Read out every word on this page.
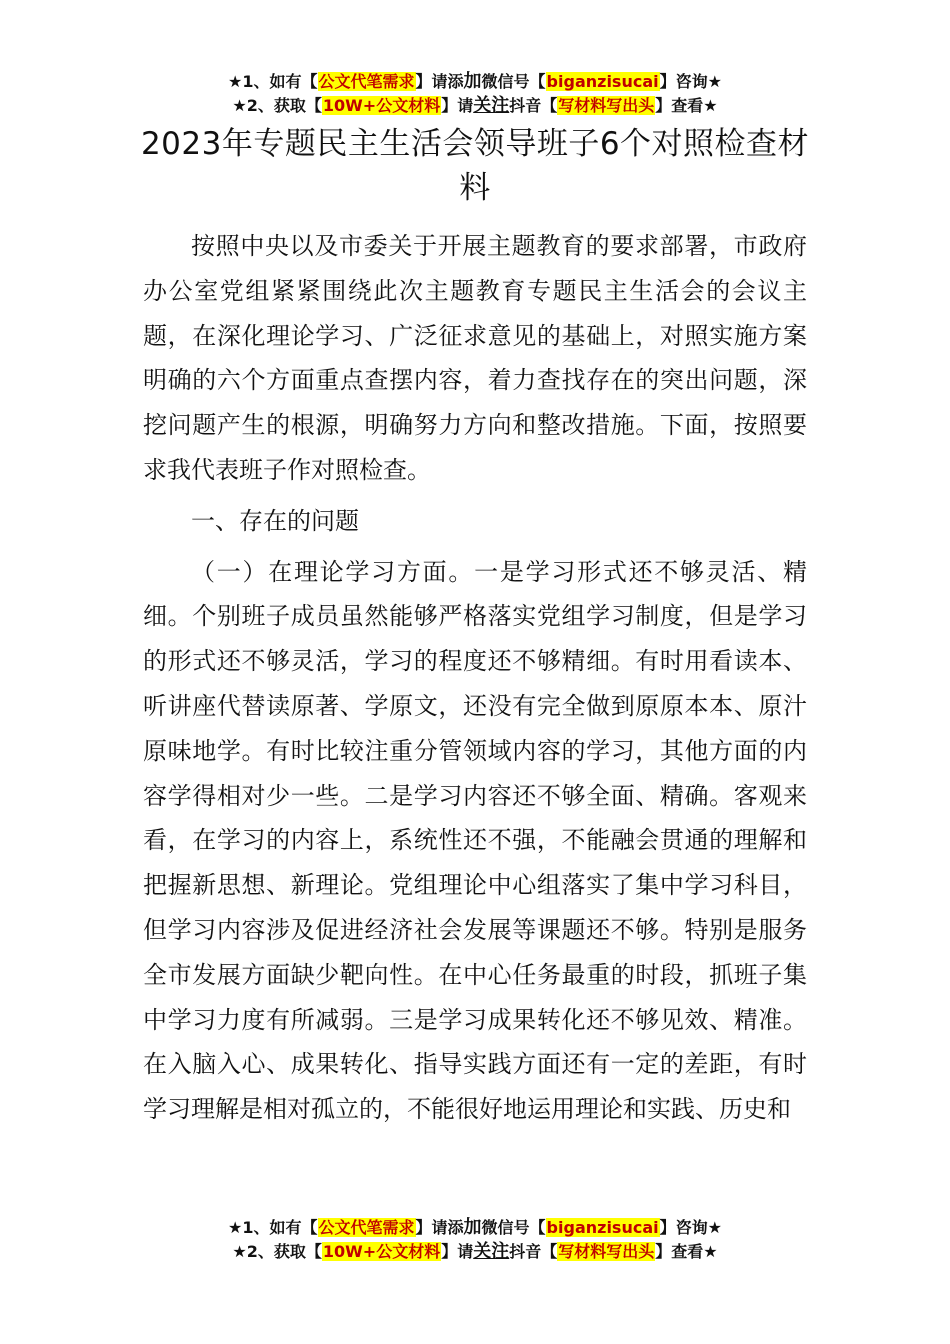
★1、如有【公文代笔需求】请添加微信号【biganzisucai】咨询★
★2、获取【10W+公文材料】请关注抖音【写材料写出头】查看★
2023年专题民主生活会领导班子6个对照检查材料

按照中央以及市委关于开展主题教育的要求部署，市政府办公室党组紧紧围绕此次主题教育专题民主生活会的会议主题，在深化理论学习、广泛征求意见的基础上，对照实施方案明确的六个方面重点查摆内容，着力查找存在的突出问题，深挖问题产生的根源，明确努力方向和整改措施。下面，按照要求我代表班子作对照检查。

一、存在的问题

（一）在理论学习方面。一是学习形式还不够灵活、精细。个别班子成员虽然能够严格落实党组学习制度，但是学习的形式还不够灵活，学习的程度还不够精细。有时用看读本、听讲座代替读原著、学原文，还没有完全做到原原本本、原汁原味地学。有时比较注重分管领域内容的学习，其他方面的内容学得相对少一些。二是学习内容还不够全面、精确。客观来看，在学习的内容上，系统性还不强，不能融会贯通的理解和把握新思想、新理论。党组理论中心组落实了集中学习科目，但学习内容涉及促进经济社会发展等课题还不够。特别是服务全市发展方面缺少靶向性。在中心任务最重的时段，抓班子集中学习力度有所减弱。三是学习成果转化还不够见效、精准。在入脑入心、成果转化、指导实践方面还有一定的差距，有时学习理解是相对孤立的，不能很好地运用理论和实践、历史和

★1、如有【公文代笔需求】请添加微信号【biganzisucai】咨询★
★2、获取【10W+公文材料】请关注抖音【写材料写出头】查看★
